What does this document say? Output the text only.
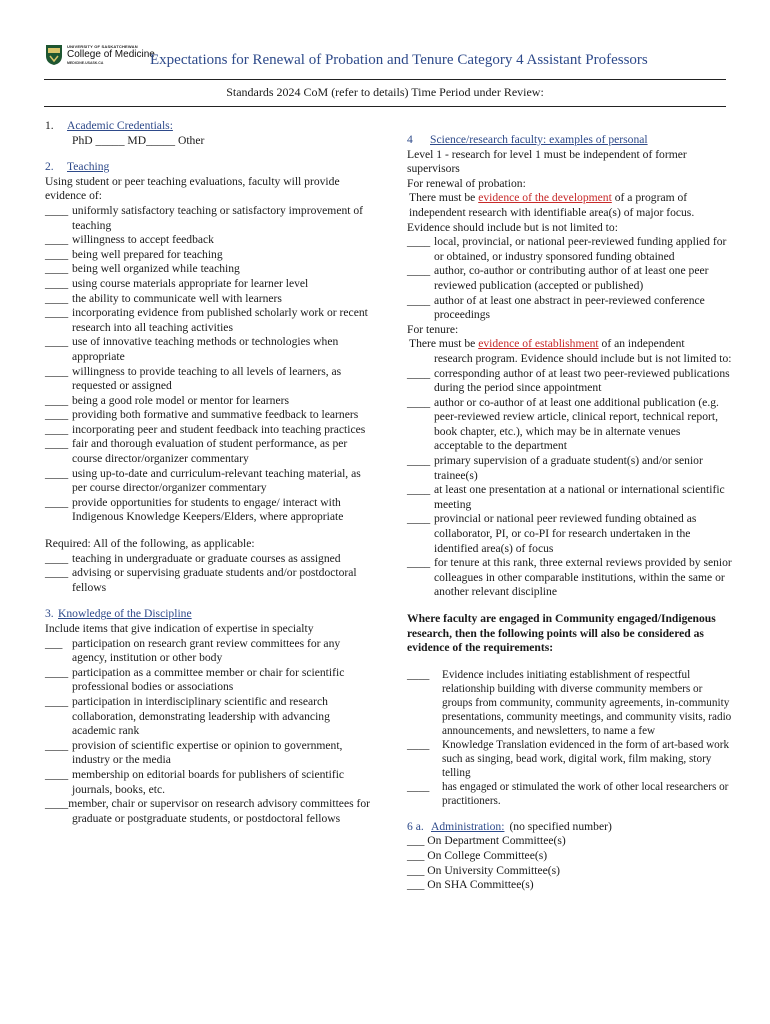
UNIVERSITY OF SASKATCHEWAN
College of Medicine
MEDICINE.USASK.CA	Expectations for Renewal of Probation and Tenure Category 4 Assistant Professors
Standards 2024 CoM (refer to details) Time Period under Review:
1.	Academic Credentials:
PhD _____ MD_____ Other
2.	Teaching
Using student or peer teaching evaluations, faculty will provide evidence of:
____ uniformly satisfactory teaching or satisfactory improvement of teaching
____ willingness to accept feedback
____ being well prepared for teaching
____ being well organized while teaching
____ using course materials appropriate for learner level
____ the ability to communicate well with learners
____ incorporating evidence from published scholarly work or recent research into all teaching activities
____ use of innovative teaching methods or technologies when appropriate
____ willingness to provide teaching to all levels of learners, as requested or assigned
____ being a good role model or mentor for learners
____ providing both formative and summative feedback to learners
____ incorporating peer and student feedback into teaching practices
____ fair and thorough evaluation of student performance, as per course director/organizer commentary
____ using up-to-date and curriculum-relevant teaching material, as per course director/organizer commentary
____ provide opportunities for students to engage/ interact with Indigenous Knowledge Keepers/Elders, where appropriate
Required: All of the following, as applicable:
____ teaching in undergraduate or graduate courses as assigned
____ advising or supervising graduate students and/or postdoctoral fellows
3. Knowledge of the Discipline
Include items that give indication of expertise in specialty
___ participation on research grant review committees for any agency, institution or other body
____ participation as a committee member or chair for scientific professional bodies or associations
____ participation in interdisciplinary scientific and research collaboration, demonstrating leadership with advancing academic rank
____ provision of scientific expertise or opinion to government, industry or the media
____ membership on editorial boards for publishers of scientific journals, books, etc.
____member, chair or supervisor on research advisory committees for graduate or postgraduate students, or postdoctoral fellows
4	Science/research faculty: examples of personal
Level 1 - research for level 1 must be independent of former supervisors
For renewal of probation:
There must be evidence of the development of a program of independent research with identifiable area(s) of major focus.
Evidence should include but is not limited to:
____ local, provincial, or national peer-reviewed funding applied for or obtained, or industry sponsored funding obtained
____ author, co-author or contributing author of at least one peer reviewed publication (accepted or published)
____ author of at least one abstract in peer-reviewed conference proceedings
For tenure:
There must be evidence of establishment of an independent
research program. Evidence should include but is not limited to:
____ corresponding author of at least two peer-reviewed publications during the period since appointment
____ author or co-author of at least one additional publication (e.g. peer-reviewed review article, clinical report, technical report, book chapter, etc.), which may be in alternate venues acceptable to the department
____ primary supervision of a graduate student(s) and/or senior trainee(s)
____ at least one presentation at a national or international scientific meeting
____ provincial or national peer reviewed funding obtained as collaborator, PI, or co-PI for research undertaken in the identified area(s) of focus
____ for tenure at this rank, three external reviews provided by senior colleagues in other comparable institutions, within the same or another relevant discipline
Where faculty are engaged in Community engaged/Indigenous research, then the following points will also be considered as evidence of the requirements:
____ Evidence includes initiating establishment of respectful relationship building with diverse community members or groups from community, community agreements, in-community presentations, community meetings, and community visits, radio announcements, and newsletters, to name a few
____ Knowledge Translation evidenced in the form of art-based work such as singing, bead work, digital work, film making, story telling
____ has engaged or stimulated the work of other local researchers or practitioners.
6 a. Administration: (no specified number)
___ On Department Committee(s)
___ On College Committee(s)
___ On University Committee(s)
___ On SHA Committee(s)
